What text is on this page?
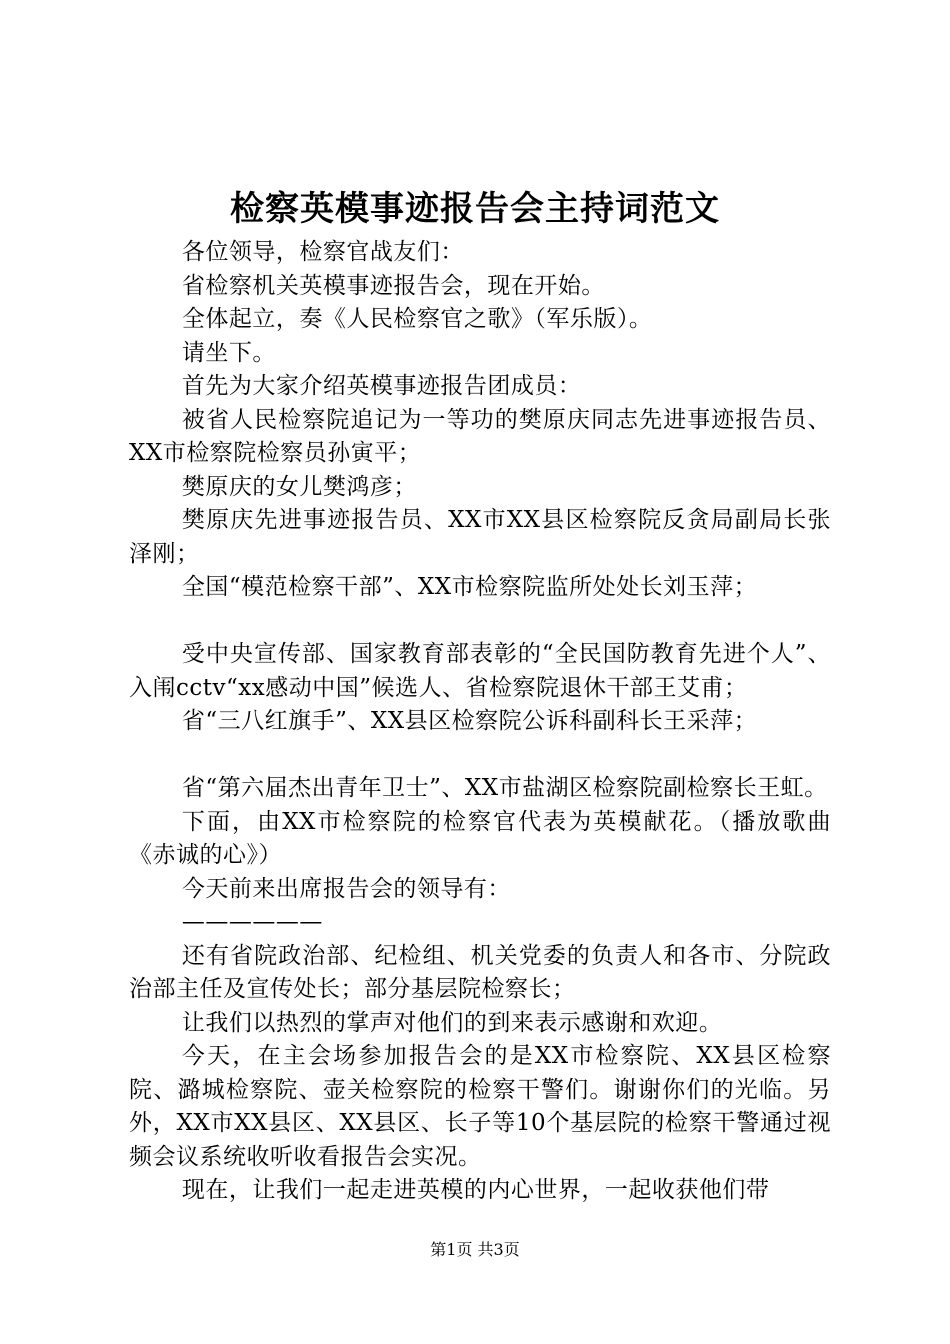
检察英模事迹报告会主持词范文

各位领导，检察官战友们：

省检察机关英模事迹报告会，现在开始。

全体起立，奏《人民检察官之歌》（军乐版）。

请坐下。

首先为大家介绍英模事迹报告团成员：

被省人民检察院追记为一等功的樊原庆同志先进事迹报告员、XX市检察院检察员孙寅平；

樊原庆的女儿樊鸿彦；

樊原庆先进事迹报告员、XX市XX县区检察院反贪局副局长张泽刚；

全国“模范检察干部”、XX市检察院监所处处长刘玉萍；

受中央宣传部、国家教育部表彰的“全民国防教育先进个人”、入闱cctv“xx感动中国”候选人、省检察院退休干部王艾甫；

省“三八红旗手”、XX县区检察院公诉科副科长王采萍；

省“第六届杰出青年卫士”、XX市盐湖区检察院副检察长王虹。

下面，由XX市检察院的检察官代表为英模献花。（播放歌曲《赤诚的心》）

今天前来出席报告会的领导有：

——————

还有省院政治部、纪检组、机关党委的负责人和各市、分院政治部主任及宣传处长；部分基层院检察长；

让我们以热烈的掌声对他们的到来表示感谢和欢迎。

今天，在主会场参加报告会的是XX市检察院、XX县区检察院、潞城检察院、壶关检察院的检察干警们。谢谢你们的光临。另外，XX市XX县区、XX县区、长子等10个基层院的检察干警通过视频会议系统收听收看报告会实况。

现在，让我们一起走进英模的内心世界，一起收获他们带

第1页 共3页
